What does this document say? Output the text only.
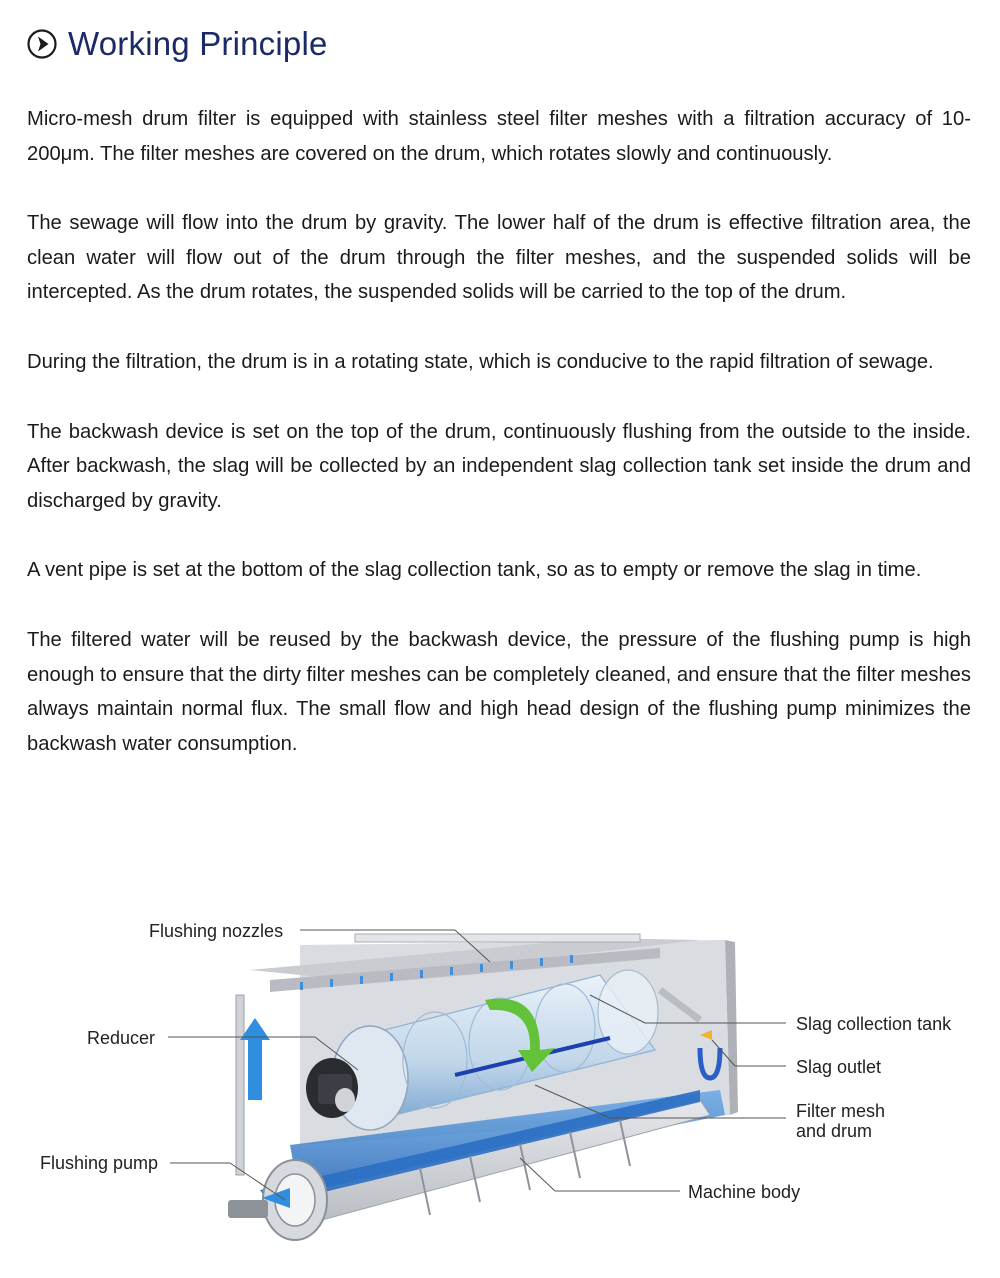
Working Principle

Micro-mesh drum filter is equipped with stainless steel filter meshes with a filtration accuracy of 10-200μm. The filter meshes are covered on the drum, which rotates slowly and continuously.

The sewage will flow into the drum by gravity. The lower half of the drum is effective filtration area, the clean water will flow out of the drum through the filter meshes, and the suspended solids will be intercepted. As the drum rotates, the suspended solids will be carried to the top of the drum.

During the filtration, the drum is in a rotating state, which is conducive to the rapid filtration of sewage.

The backwash device is set on the top of the drum, continuously flushing from the outside to the inside. After backwash, the slag will be collected by an independent slag collection tank set inside the drum and discharged by gravity.

A vent pipe is set at the bottom of the slag collection tank, so as to empty or remove the slag in time.

The filtered water will be reused by the backwash device, the pressure of the flushing pump is high enough to ensure that the dirty filter meshes can be completely cleaned, and ensure that the filter meshes always maintain normal flux. The small flow and high head design of the flushing pump minimizes the backwash water consumption.

Flushing nozzles
Reducer
Flushing pump
Slag collection tank
Slag outlet
Filter mesh
and drum
Machine body
